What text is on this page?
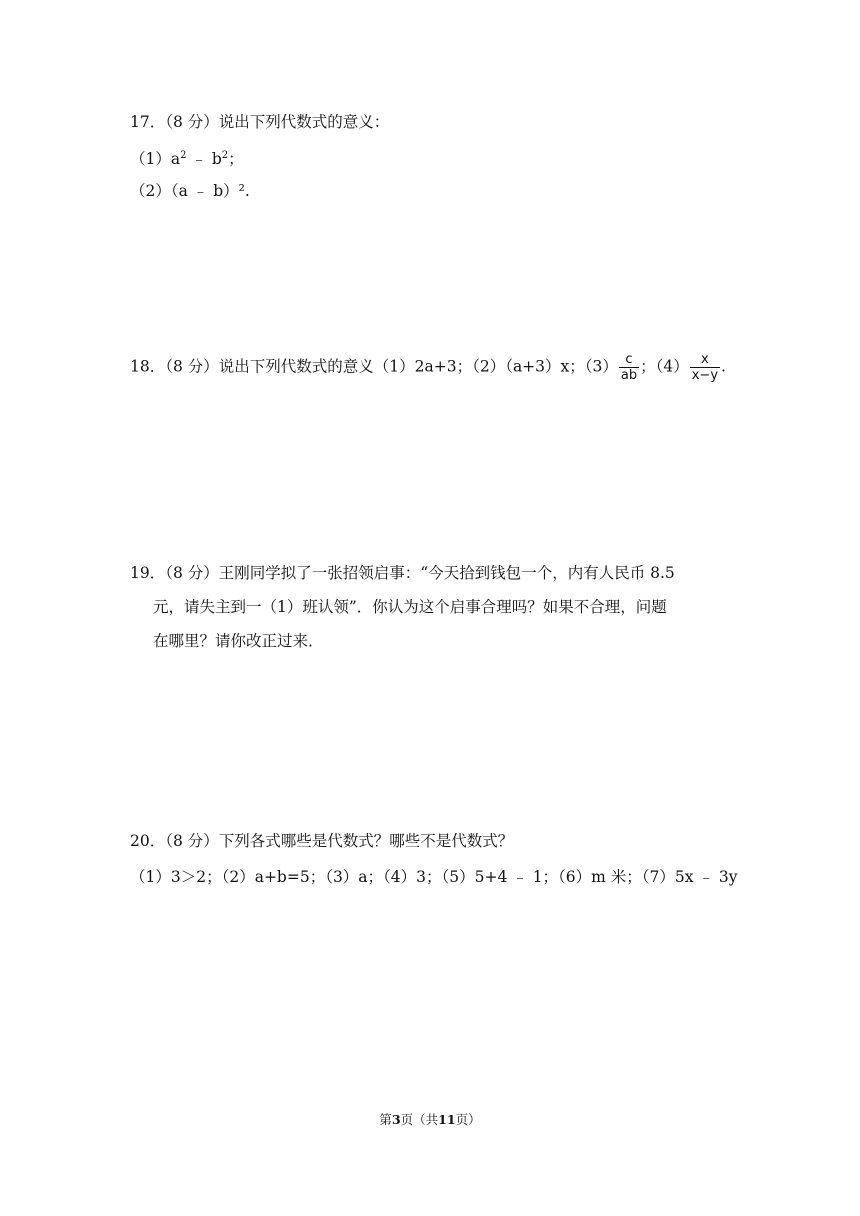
17．（8 分）说出下列代数式的意义：
$(1)a^2$ ﹣ $b^2$；
（2）（a ﹣ b）².
18．（8 分）说出下列代数式的意义（1）2a+3；（2）（a+3）x；$(3) \frac{c}{ab}$ ；$(4) \frac{x}{x-y}$ .
19．（8 分）王刚同学拟了一张招领启事：“今天拾到钱包一个，内有人民币 8.5
元，请失主到一（1）班认领”．你认为这个启事合理吗？如果不合理，问题
在哪里？请你改正过来．
20．（8 分）下列各式哪些是代数式？哪些不是代数式？
（1）3＞2；（2）a+b=5；（3）a；（4）3；（5）5+4 ﹣ 1；（6）m 米；（7）5x ﹣ 3y
第3页（共11页）
